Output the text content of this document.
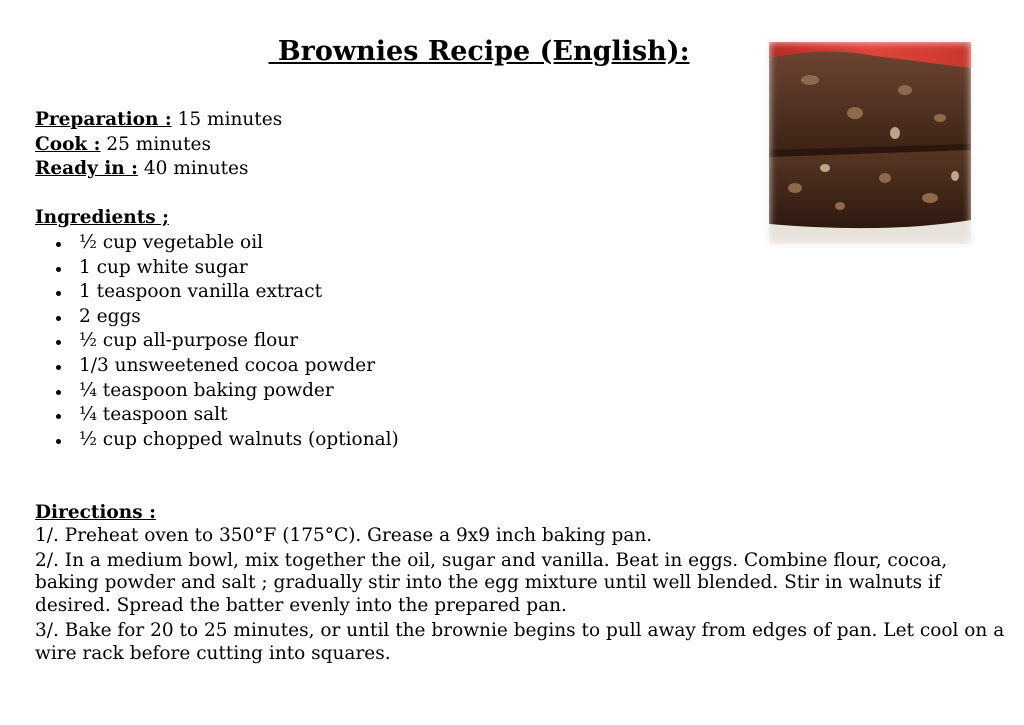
Brownies Recipe (English):
Preparation : 15 minutes
Cook : 25 minutes
Ready in : 40 minutes
Ingredients ;
½ cup vegetable oil
1 cup white sugar
1 teaspoon vanilla extract
2 eggs
½ cup all-purpose flour
1/3 unsweetened cocoa powder
¼ teaspoon baking powder
¼ teaspoon salt
½ cup chopped walnuts (optional)
Directions :

1/. Preheat oven to 350°F (175°C). Grease a 9x9 inch baking pan.

2/. In a medium bowl, mix together the oil, sugar and vanilla. Beat in eggs. Combine flour, cocoa, baking powder and salt ; gradually stir into the egg mixture until well blended. Stir in walnuts if desired. Spread the batter evenly into the prepared pan.

3/. Bake for 20 to 25 minutes, or until the brownie begins to pull away from edges of pan. Let cool on a wire rack before cutting into squares.
